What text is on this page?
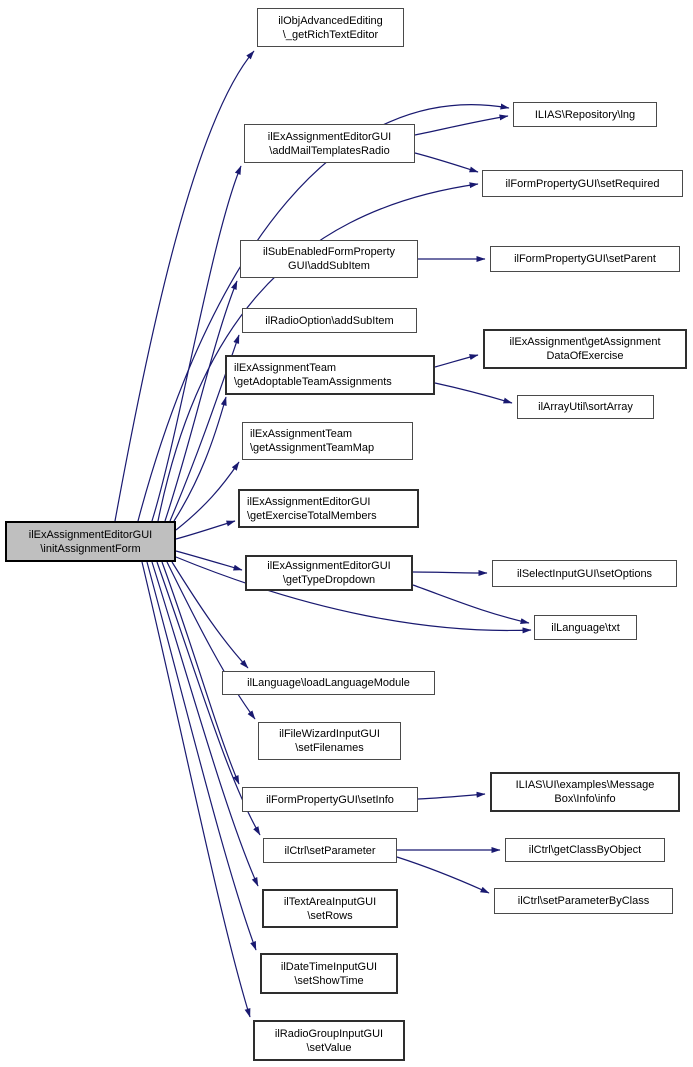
ilExAssignmentEditorGUI
\initAssignmentForm
ilObjAdvancedEditing
\_getRichTextEditor
ILIAS\Repository\lng
ilExAssignmentEditorGUI
\addMailTemplatesRadio
ilFormPropertyGUI\setRequired
ilSubEnabledFormProperty
GUI\addSubItem
ilFormPropertyGUI\setParent
ilRadioOption\addSubItem
ilExAssignment\getAssignment
DataOfExercise
ilExAssignmentTeam
\getAdoptableTeamAssignments
ilArrayUtil\sortArray
ilExAssignmentTeam
\getAssignmentTeamMap
ilExAssignmentEditorGUI
\getExerciseTotalMembers
ilExAssignmentEditorGUI
\getTypeDropdown
ilSelectInputGUI\setOptions
ilLanguage\txt
ilLanguage\loadLanguageModule
ilFileWizardInputGUI
\setFilenames
ilFormPropertyGUI\setInfo
ILIAS\UI\examples\Message
Box\Info\info
ilCtrl\setParameter	ilCtrl\getClassByObject
ilTextAreaInputGUI
\setRows
ilCtrl\setParameterByClass
ilDateTimeInputGUI
\setShowTime
ilRadioGroupInputGUI
\setValue
